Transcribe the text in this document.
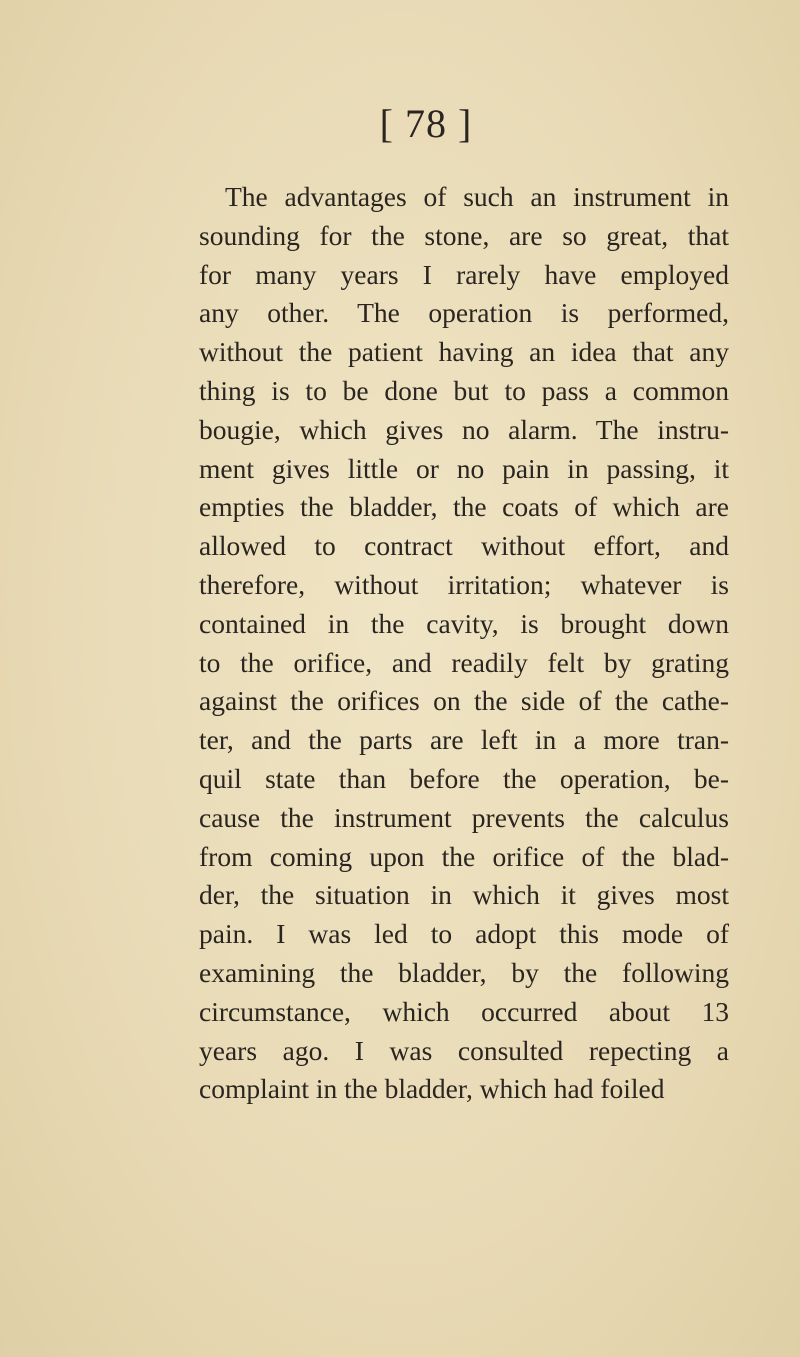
[ 78 ]
The advantages of such an instrument in
sounding for the stone, are so great, that
for many years I rarely have employed
any other. The operation is performed,
without the patient having an idea that any
thing is to be done but to pass a common
bougie, which gives no alarm. The instru-
ment gives little or no pain in passing, it
empties the bladder, the coats of which are
allowed to contract without effort, and
therefore, without irritation; whatever is
contained in the cavity, is brought down
to the orifice, and readily felt by grating
against the orifices on the side of the cathe-
ter, and the parts are left in a more tran-
quil state than before the operation, be-
cause the instrument prevents the calculus
from coming upon the orifice of the blad-
der, the situation in which it gives most
pain. I was led to adopt this mode of
examining the bladder, by the following
circumstance, which occurred about 13
years ago. I was consulted repecting a
complaint in the bladder, which had foiled
